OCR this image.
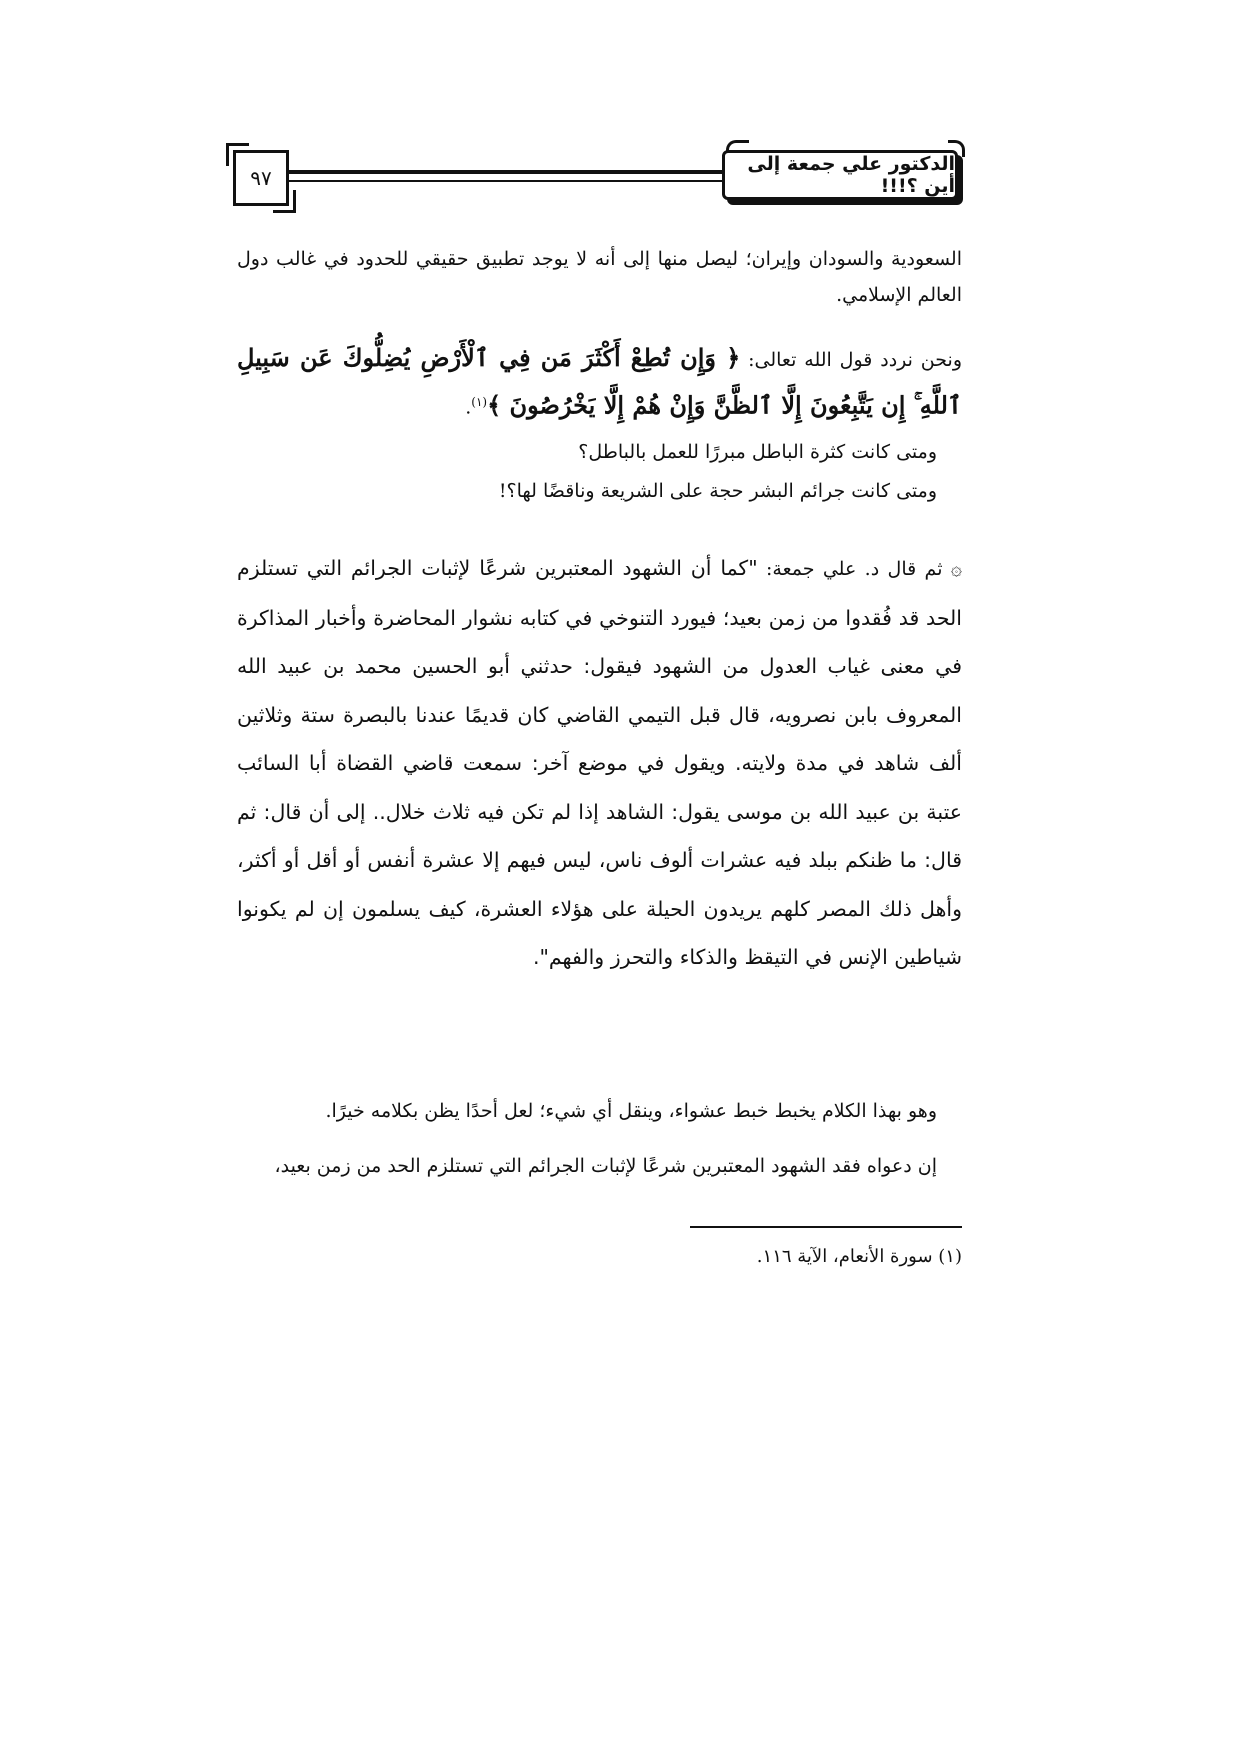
٩٧
الدكتور علي جمعة إلى أين ؟!!!
السعودية والسودان وإيران؛ ليصل منها إلى أنه لا يوجد تطبيق حقيقي للحدود في غالب دول العالم الإسلامي.
ونحن نردد قول الله تعالى: ﴿ وَإِن تُطِعْ أَكْثَرَ مَن فِي ٱلْأَرْضِ يُضِلُّوكَ عَن سَبِيلِ ٱللَّهِ ۚ إِن يَتَّبِعُونَ إِلَّا ٱلظَّنَّ وَإِنْ هُمْ إِلَّا يَخْرُصُونَ ﴾$^{(١)}$.
ومتى كانت كثرة الباطل مبررًا للعمل بالباطل؟
ومتى كانت جرائم البشر حجة على الشريعة وناقضًا لها؟!
۞ ثم قال د. علي جمعة: "كما أن الشهود المعتبرين شرعًا لإثبات الجرائم التي تستلزم الحد قد فُقدوا من زمن بعيد؛ فيورد التنوخي في كتابه نشوار المحاضرة وأخبار المذاكرة في معنى غياب العدول من الشهود فيقول: حدثني أبو الحسين محمد بن عبيد الله المعروف بابن نصرويه، قال قبل التيمي القاضي كان قديمًا عندنا بالبصرة ستة وثلاثين ألف شاهد في مدة ولايته. ويقول في موضع آخر: سمعت قاضي القضاة أبا السائب عتبة بن عبيد الله بن موسى يقول: الشاهد إذا لم تكن فيه ثلاث خلال.. إلى أن قال: ثم قال: ما ظنكم ببلد فيه عشرات ألوف ناس، ليس فيهم إلا عشرة أنفس أو أقل أو أكثر، وأهل ذلك المصر كلهم يريدون الحيلة على هؤلاء العشرة، كيف يسلمون إن لم يكونوا شياطين الإنس في التيقظ والذكاء والتحرز والفهم".
وهو بهذا الكلام يخبط خبط عشواء، وينقل أي شيء؛ لعل أحدًا يظن بكلامه خيرًا.
إن دعواه فقد الشهود المعتبرين شرعًا لإثبات الجرائم التي تستلزم الحد من زمن بعيد،
(١) سورة الأنعام، الآية ١١٦.
